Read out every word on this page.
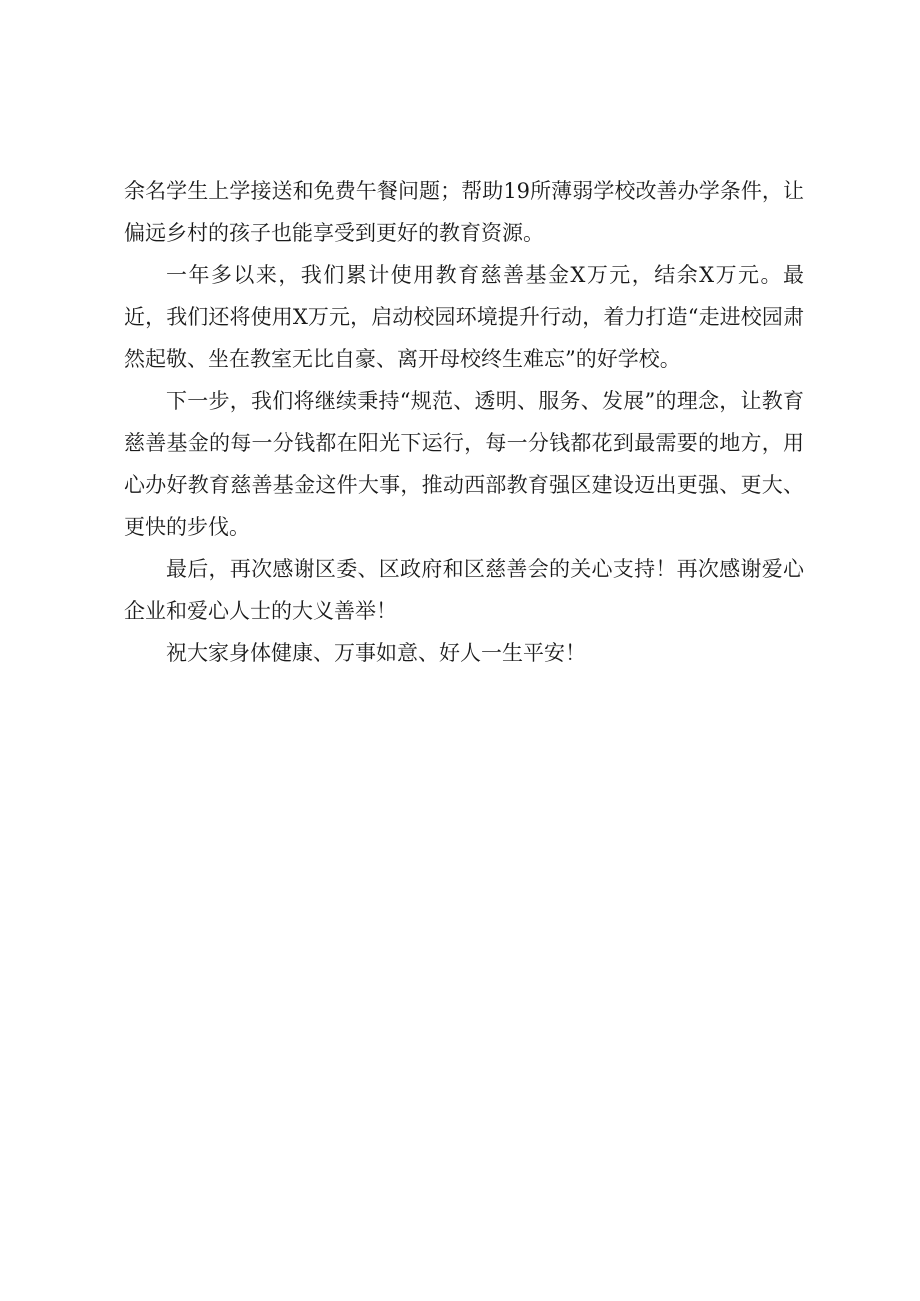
余名学生上学接送和免费午餐问题；帮助19所薄弱学校改善办学条件，让偏远乡村的孩子也能享受到更好的教育资源。

一年多以来，我们累计使用教育慈善基金X万元，结余X万元。最近，我们还将使用X万元，启动校园环境提升行动，着力打造“走进校园肃然起敬、坐在教室无比自豪、离开母校终生难忘”的好学校。

下一步，我们将继续秉持“规范、透明、服务、发展”的理念，让教育慈善基金的每一分钱都在阳光下运行，每一分钱都花到最需要的地方，用心办好教育慈善基金这件大事，推动西部教育强区建设迈出更强、更大、更快的步伐。

最后，再次感谢区委、区政府和区慈善会的关心支持！再次感谢爱心企业和爱心人士的大义善举！

祝大家身体健康、万事如意、好人一生平安！
